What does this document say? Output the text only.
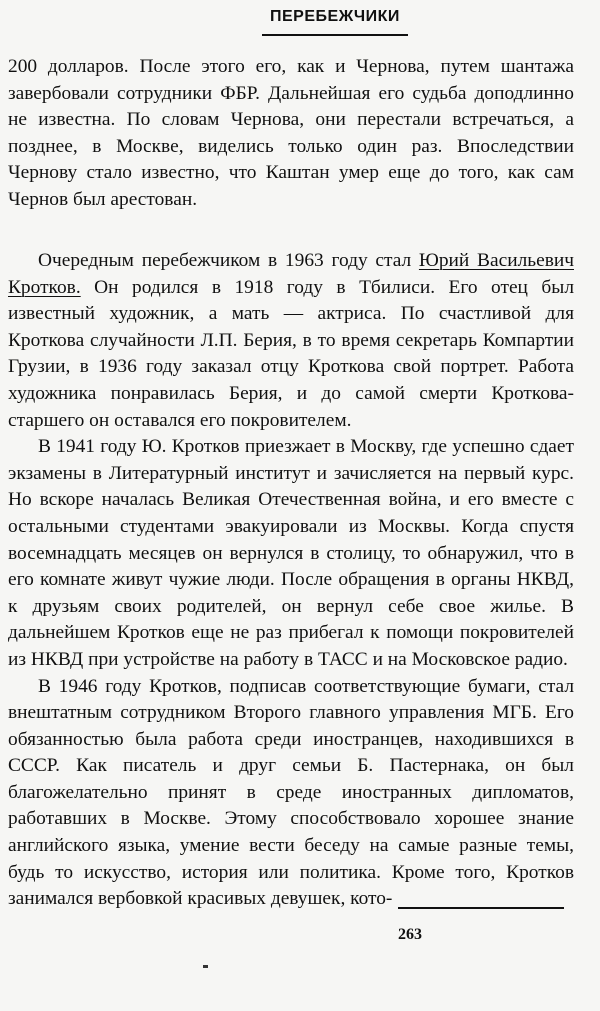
ПЕРЕБЕЖЧИКИ

200 долларов. После этого его, как и Чернова, путем шантажа завербовали сотрудники ФБР. Дальнейшая его судьба доподлинно не известна. По словам Чернова, они перестали встречаться, а позднее, в Москве, виделись только один раз. Впоследствии Чернову стало известно, что Каштан умер еще до того, как сам Чернов был арестован.

Очередным перебежчиком в 1963 году стал Юрий Васильевич Кротков. Он родился в 1918 году в Тбилиси. Его отец был известный художник, а мать — актриса. По счастливой для Кроткова случайности Л.П. Берия, в то время секретарь Компартии Грузии, в 1936 году заказал отцу Кроткова свой портрет. Работа художника понравилась Берия, и до самой смерти Кроткова-старшего он оставался его покровителем.

В 1941 году Ю. Кротков приезжает в Москву, где успешно сдает экзамены в Литературный институт и зачисляется на первый курс. Но вскоре началась Великая Отечественная война, и его вместе с остальными студентами эвакуировали из Москвы. Когда спустя восемнадцать месяцев он вернулся в столицу, то обнаружил, что в его комнате живут чужие люди. После обращения в органы НКВД, к друзьям своих родителей, он вернул себе свое жилье. В дальнейшем Кротков еще не раз прибегал к помощи покровителей из НКВД при устройстве на работу в ТАСС и на Московское радио.

В 1946 году Кротков, подписав соответствующие бумаги, стал внештатным сотрудником Второго главного управления МГБ. Его обязанностью была работа среди иностранцев, находившихся в СССР. Как писатель и друг семьи Б. Пастернака, он был благожелательно принят в среде иностранных дипломатов, работавших в Москве. Этому способствовало хорошее знание английского языка, умение вести беседу на самые разные темы, будь то искусство, история или политика. Кроме того, Кротков занимался вербовкой красивых девушек, кото-

263
